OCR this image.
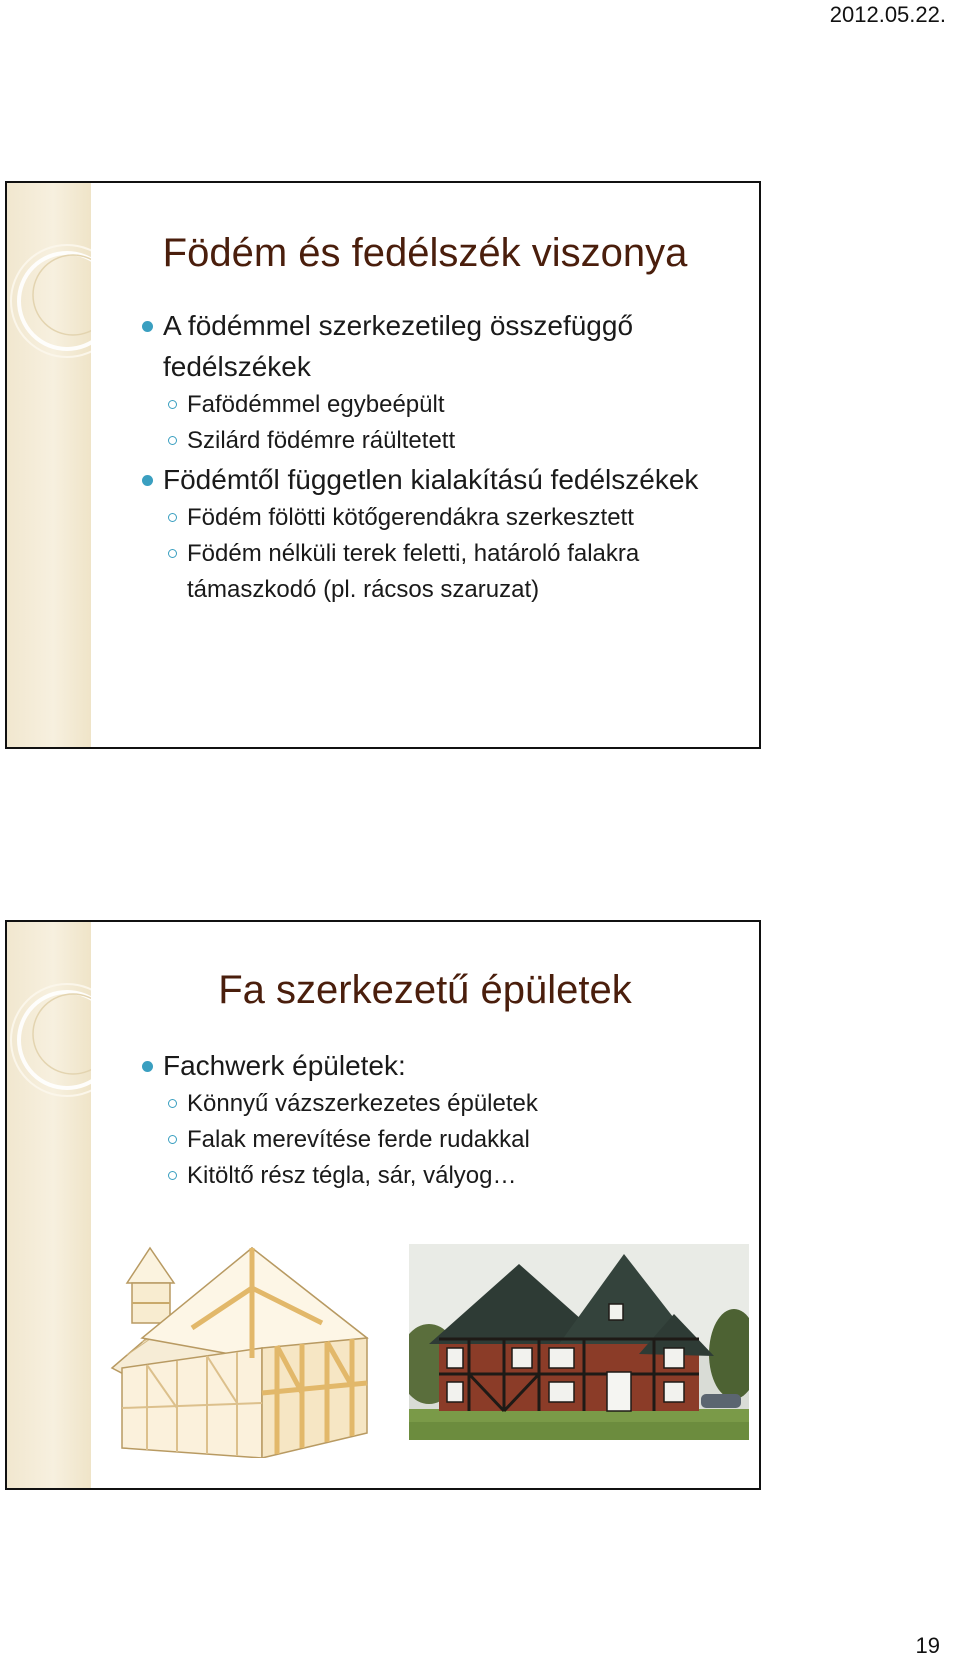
2012.05.22.
Födém és fedélszék viszonya
A födémmel szerkezetileg összefüggő fedélszékek
Fafödémmel egybeépült
Szilárd födémre ráültetett
Födémtől független kialakítású fedélszékek
Födém fölötti kötőgerendákra szerkesztett
Födém nélküli terek feletti, határoló falakra támaszkodó (pl. rácsos szaruzat)
Fa szerkezetű épületek
Fachwerk épületek:
Könnyű vázszerkezetes épületek
Falak merevítése ferde rudakkal
Kitöltő rész tégla, sár, vályog…
19
